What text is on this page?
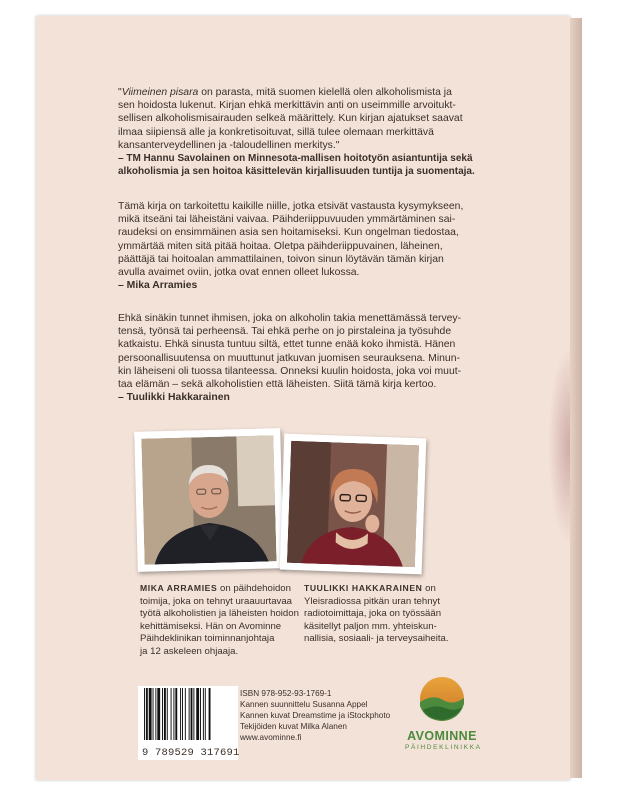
"Viimeinen pisara on parasta, mitä suomen kielellä olen alkoholismista ja
sen hoidosta lukenut. Kirjan ehkä merkittävin anti on useimmille arvoitukt-
sellisen alkoholismisairauden selkeä määrittely. Kun kirjan ajatukset saavat
ilmaa siipiensä alle ja konkretisoituvat, sillä tulee olemaan merkittävä
kansanterveydellinen ja -taloudellinen merkitys."
– TM Hannu Savolainen on Minnesota-mallisen hoitotyön asiantuntija sekä
alkoholismia ja sen hoitoa käsittelevän kirjallisuuden tuntija ja suomentaja.

Tämä kirja on tarkoitettu kaikille niille, jotka etsivät vastausta kysymykseen,
mikä itseäni tai läheistäni vaivaa. Päihderiippuvuuden ymmärtäminen sai-
raudeksi on ensimmäinen asia sen hoitamiseksi. Kun ongelman tiedostaa,
ymmärtää miten sitä pitää hoitaa. Oletpa päihderiippuvainen, läheinen,
päättäjä tai hoitoalan ammattilainen, toivon sinun löytävän tämän kirjan
avulla avaimet oviin, jotka ovat ennen olleet lukossa.
– Mika Arramies

Ehkä sinäkin tunnet ihmisen, joka on alkoholin takia menettämässä tervey-
tensä, työnsä tai perheensä. Tai ehkä perhe on jo pirstaleina ja työsuhde
katkaistu. Ehkä sinusta tuntuu siltä, ettet tunne enää koko ihmistä. Hänen
persoonallisuutensa on muuttunut jatkuvan juomisen seurauksena. Minun-
kin läheiseni oli tuossa tilanteessa. Onneksi kuulin hoidosta, joka voi muut-
taa elämän – sekä alkoholistien että läheisten. Siitä tämä kirja kertoo.
– Tuulikki Hakkarainen

MIKA ARRAMIES on päihdehoidon
toimija, joka on tehnyt uraauurtavaa
työtä alkoholistien ja läheisten hoidon
kehittämiseksi. Hän on Avominne
Päihdeklinikan toiminnanjohtaja
ja 12 askeleen ohjaaja.
TUULIKKI HAKKARAINEN on
Yleisradiossa pitkän uran tehnyt
radiotoimittaja, joka on työssään
käsitellyt paljon mm. yhteiskun-
nallisia, sosiaali- ja terveysaiheita.
9 789529 317691
ISBN 978-952-93-1769-1
Kannen suunnittelu Susanna Appel
Kannen kuvat Dreamstime ja iStockphoto
Tekijöiden kuvat Milka Alanen
www.avominne.fi	AVOMINNE
PÄIHDEKLINIKKA
